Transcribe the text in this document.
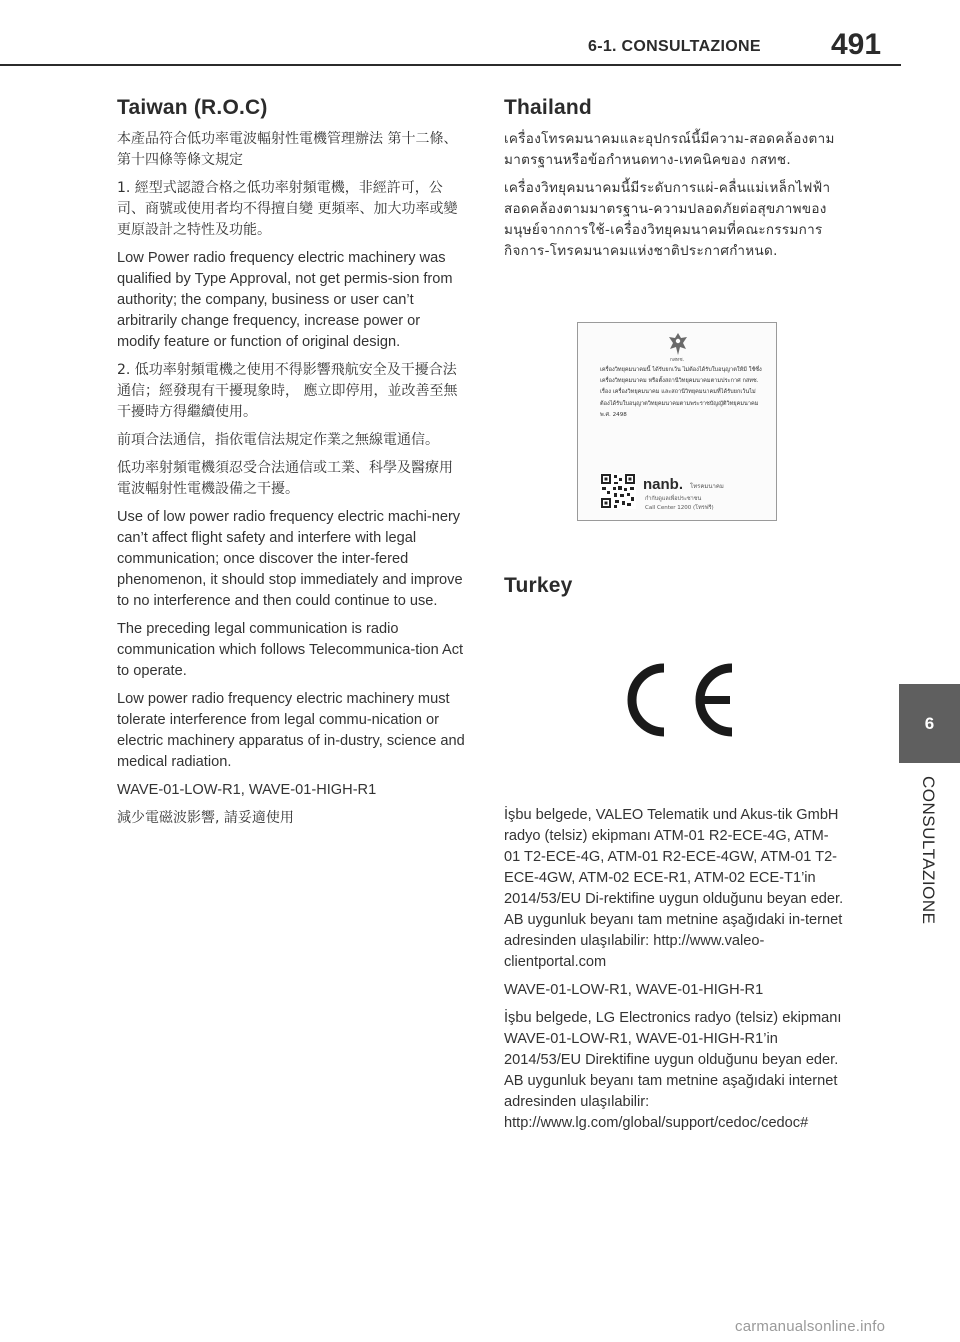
6-1. CONSULTAZIONE 491
6
CONSULTAZIONE
Taiwan (R.O.C)

本產品符合低功率電波輻射性電機管理辦法 第十二條、第十四條等條文規定

1. 經型式認證合格之低功率射頻電機，非經許可，公司、商號或使用者均不得擅自變 更頻率、加大功率或變更原設計之特性及功能。

Low Power radio frequency electric machinery was qualified by Type Approval, not get permis-sion from authority; the company, business or user can’t arbitrarily change frequency, increase power or modify feature or function of original design.

2. 低功率射頻電機之使用不得影響飛航安全及干擾合法通信；經發現有干擾現象時， 應立即停用，並改善至無干擾時方得繼續使用。

前項合法通信，指依電信法規定作業之無線電通信。

低功率射頻電機須忍受合法通信或工業、科學及醫療用電波輻射性電機設備之干擾。

Use of low power radio frequency electric machi-nery can’t affect flight safety and interfere with legal communication; once discover the inter-fered phenomenon, it should stop immediately and improve to no interference and then could continue to use.

The preceding legal communication is radio communication which follows Telecommunica-tion Act to operate.

Low power radio frequency electric machinery must tolerate interference from legal commu-nication or electric machinery apparatus of in-dustry, science and medical radiation.

WAVE-01-LOW-R1, WAVE-01-HIGH-R1

減少電磁波影響, 請妥適使用

Thailand

เครื่องโทรคมนาคมและอุปกรณ์นี้มีความ-สอดคล้องตามมาตรฐานหรือข้อกำหนดทาง-เทคนิคของ กสทช.

เครื่องวิทยุคมนาคมนี้มีระดับการแผ่-คลื่นแม่เหล็กไฟฟ้าสอดคล้องตามมาตรฐาน-ความปลอดภัยต่อสุขภาพของมนุษย์จากการใช้-เครื่องวิทยุคมนาคมที่คณะกรรมการกิจการ-โทรคมนาคมแห่งชาติประกาศกำหนด.

กสทช.
เครื่องวิทยุคมนาคมนี้ ได้รับยกเว้น ไม่ต้องได้รับใบอนุญาตให้มี ใช้ซึ่งเครื่องวิทยุคมนาคม หรือตั้งสถานีวิทยุคมนาคมตามประกาศ กสทช. เรื่อง เครื่องวิทยุคมนาคม และสถานีวิทยุคมนาคมที่ได้รับยกเว้นไม่ต้องได้รับใบอนุญาตวิทยุคมนาคมตามพระราชบัญญัติวิทยุคมนาคม พ.ศ. 2498
nanb. โทรคมนาคม
กำกับดูแลเพื่อประชาชน
Call Center 1200 (โทรฟรี)
Turkey

İşbu belgede, VALEO Telematik und Akus-tik GmbH radyo (telsiz) ekipmanı ATM-01 R2-ECE-4G, ATM-01 T2-ECE-4G, ATM-01 R2-ECE-4GW, ATM-01 T2-ECE-4GW, ATM-02 ECE-R1, ATM-02 ECE-T1’in 2014/53/EU Di-rektifine uygun olduğunu beyan eder. AB uygunluk beyanı tam metnine aşağıdaki in-ternet adresinden ulaşılabilir: http://www.valeo-clientportal.com

WAVE-01-LOW-R1, WAVE-01-HIGH-R1

İşbu belgede, LG Electronics radyo (telsiz) ekipmanı WAVE-01-LOW-R1, WAVE-01-HIGH-R1’in 2014/53/EU Direktifine uygun olduğunu beyan eder. AB uygunluk beyanı tam metnine aşağıdaki internet adresinden ulaşılabilir: http://www.lg.com/global/support/cedoc/cedoc#

carmanualsonline.info
